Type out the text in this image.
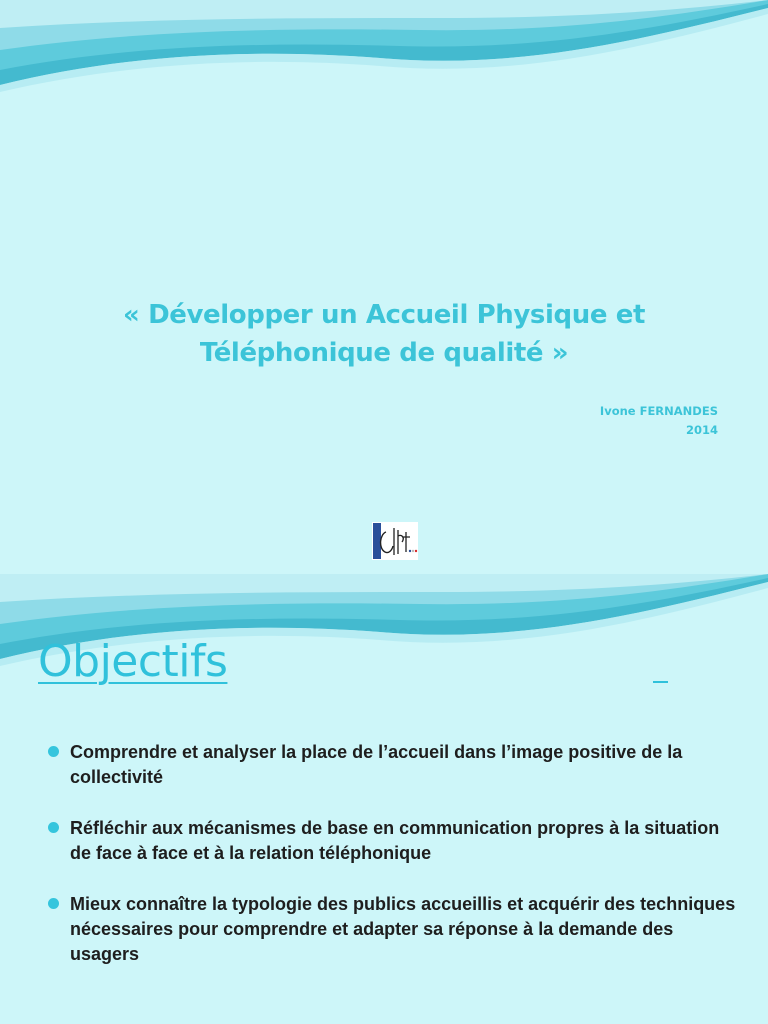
« Développer un Accueil Physique et
Téléphonique de qualité »
Ivone FERNANDES
2014
Objectifs
Comprendre et analyser la place de l’accueil dans l’image positive de la collectivité
Réfléchir aux mécanismes de base en communication propres à la situation de face à face et à la relation téléphonique
Mieux connaître la typologie des publics accueillis et acquérir des techniques nécessaires pour comprendre et adapter sa réponse à la demande des usagers
